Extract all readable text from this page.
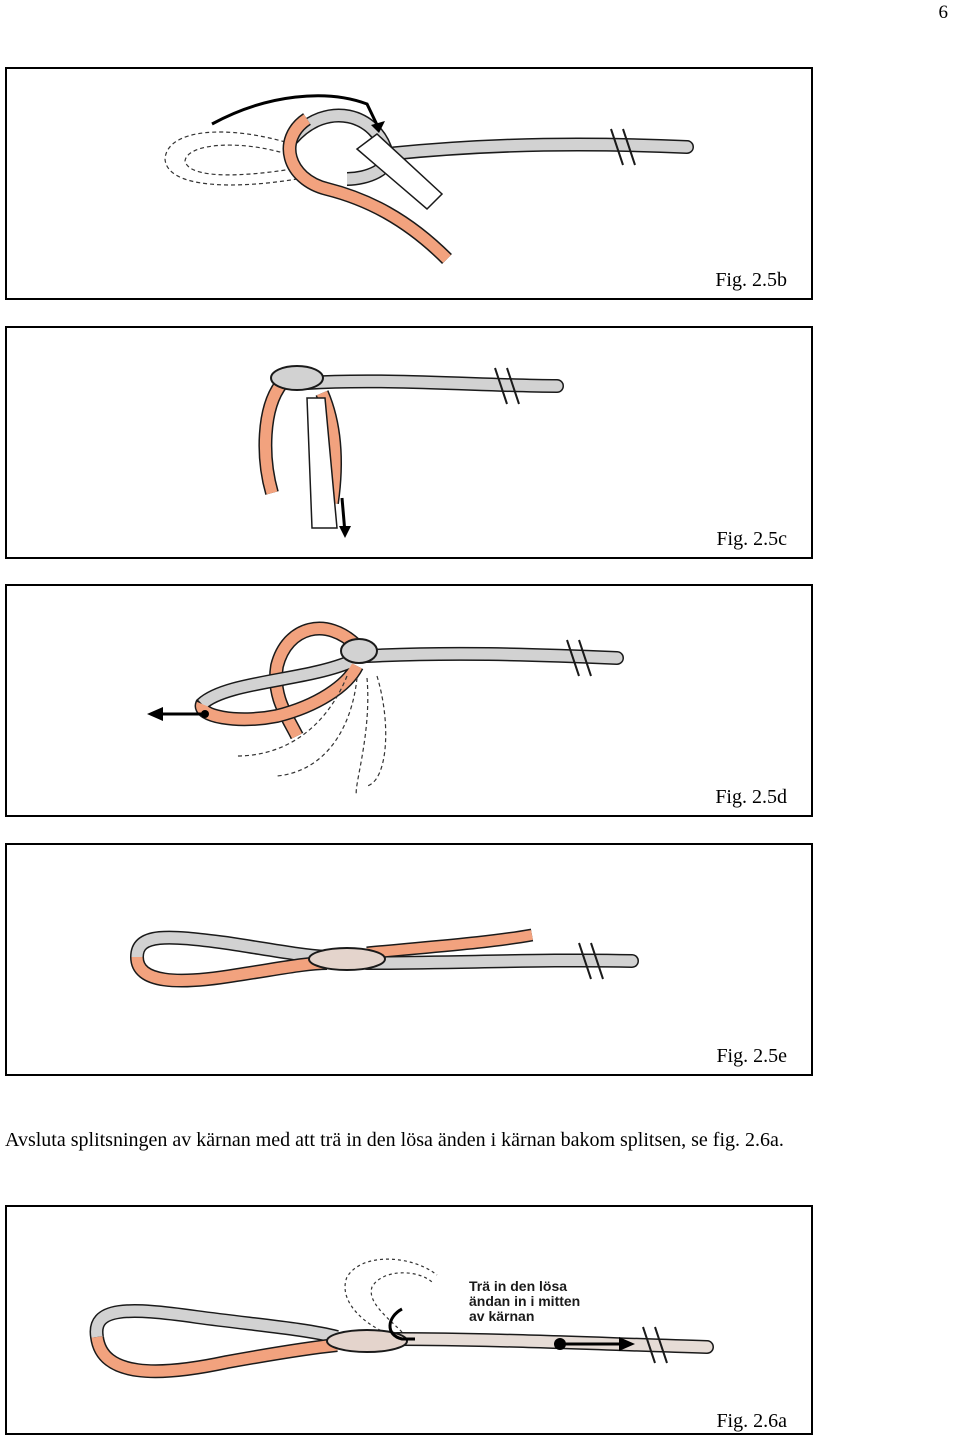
6
Fig. 2.5b
Fig. 2.5c
Fig. 2.5d
Fig. 2.5e

Avsluta splitsningen av kärnan med att trä in den lösa änden i kärnan bakom splitsen, se fig. 2.6a.

Trä in den lösa
ändan in i mitten
av kärnan
Fig. 2.6a
